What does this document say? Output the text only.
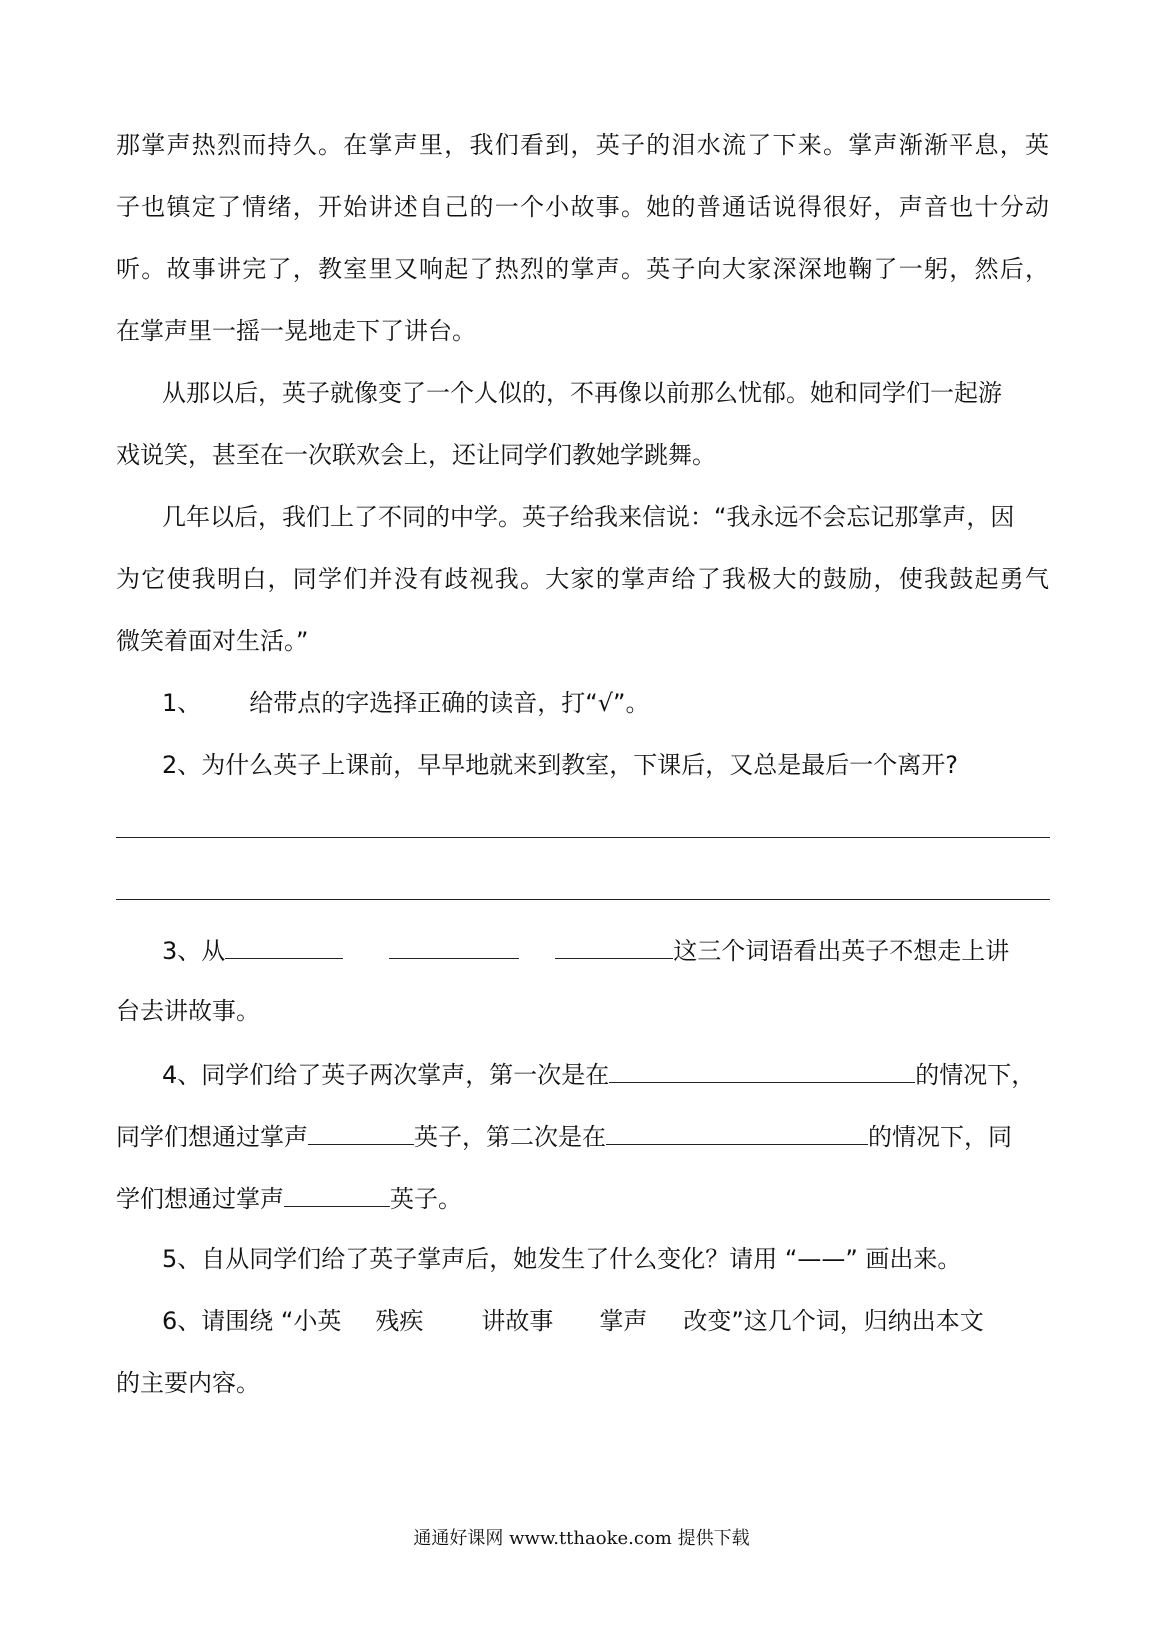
那 掌 声 热 烈 而 持 久 。 在 掌 声 里 ， 我 们 看 到 ， 英 子 的 泪 水 流 了 下 来 。 掌 声 渐 渐 平 息 ， 英
子 也 镇 定 了 情 绪 ， 开 始 讲 述 自 己 的 一 个 小 故 事 。 她 的 普 通 话 说 得 很 好 ， 声 音 也 十 分 动
听 。 故 事 讲 完 了 ， 教 室 里 又 响 起 了 热 烈 的 掌 声 。 英 子 向 大 家 深 深 地 鞠 了 一 躬 ， 然 后 ，
在掌声里一摇一晃地走下了讲台。
从那以后，英子就像变了一个人似的，不再像以前那么忧郁。她和同学们一起游
戏说笑，甚至在一次联欢会上，还让同学们教她学跳舞。
几年以后，我们上了不同的中学。英子给我来信说：“我永远不会忘记那掌声，因
为 它 使 我 明 白 ， 同 学 们 并 没 有 歧 视 我 。 大 家 的 掌 声 给 了 我 极 大 的 鼓 励 ， 使 我 鼓 起 勇 气
微笑着面对生活。”
1、 给带点的字选择正确的读音，打“√”。
2、为什么英子上课前，早早地就来到教室，下课后，又总是最后一个离开?
3、从	这三个词语看出英子不想走上讲
台去讲故事。
4、同学们给了英子两次掌声，第一次是在	的情况下，
同学们想通过掌声	英子，第二次是在	的情况下，同
学们想通过掌声	英子。
5、自从同学们给了英子掌声后，她发生了什么变化？请用 “——” 画出来。
6、请围绕 “小英 残疾 讲故事 掌声 改变”这几个词，归纳出本文
的主要内容。
通通好课网 www.tthaoke.com 提供下载
